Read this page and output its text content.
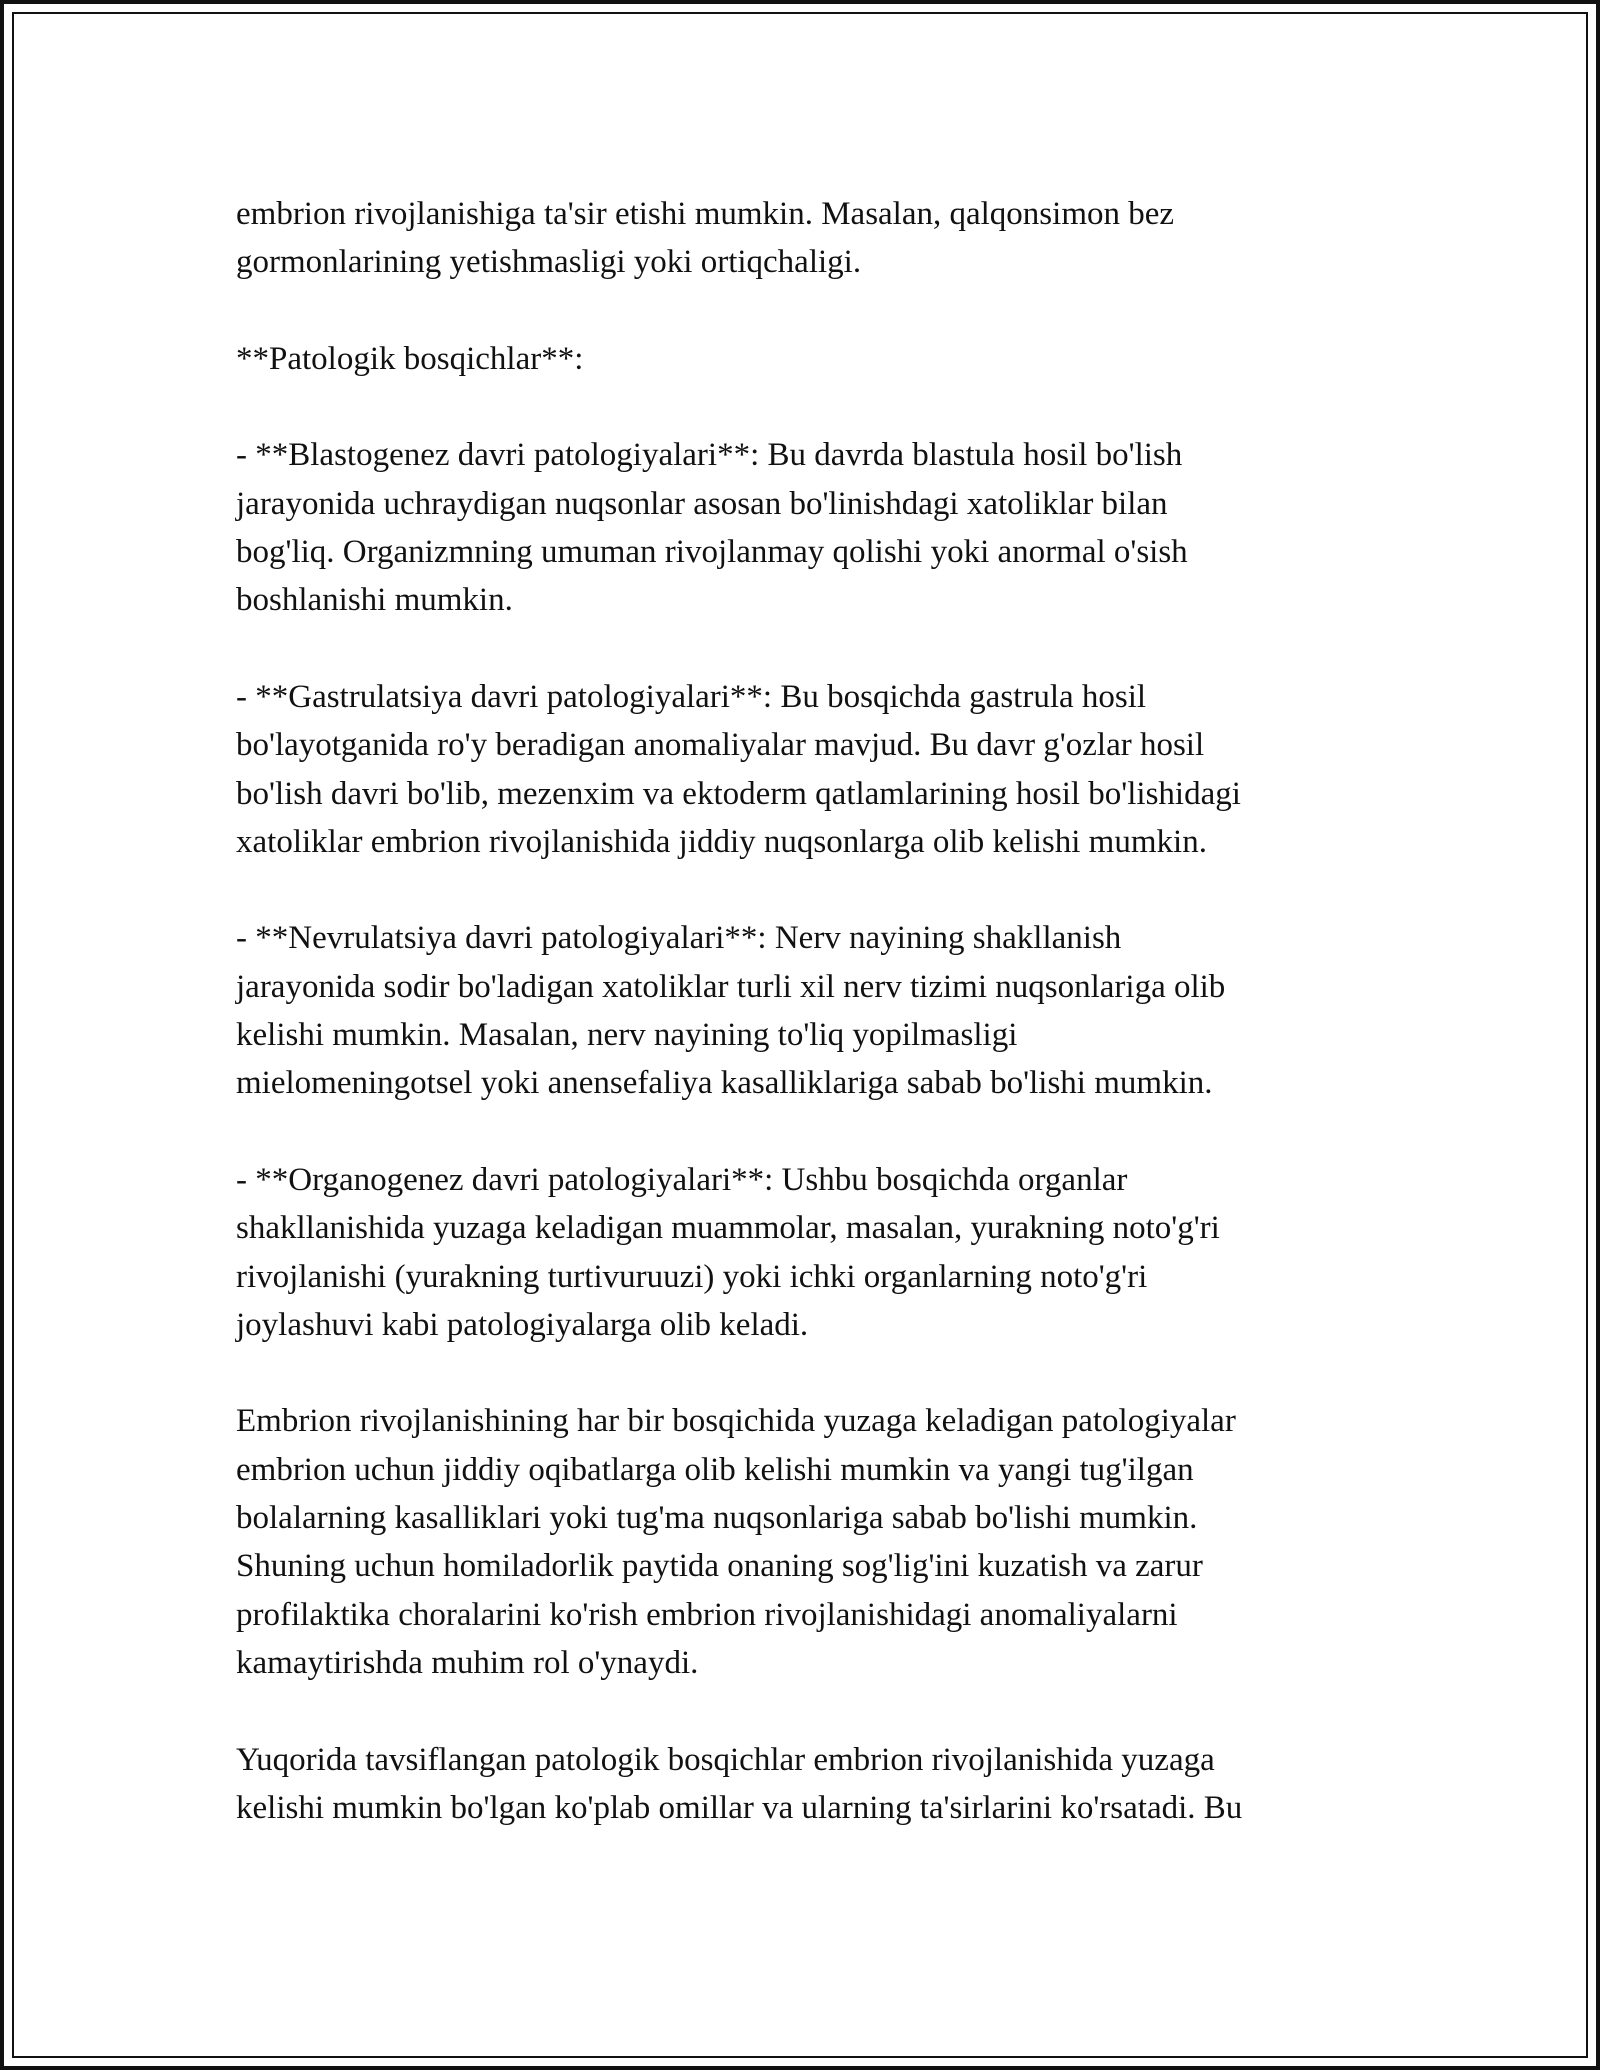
embrion rivojlanishiga ta'sir etishi mumkin. Masalan, qalqonsimon bez

gormonlarining yetishmasligi yoki ortiqchaligi.

**Patologik bosqichlar**:

- **Blastogenez davri patologiyalari**: Bu davrda blastula hosil bo'lish

jarayonida uchraydigan nuqsonlar asosan bo'linishdagi xatoliklar bilan

bog'liq. Organizmning umuman rivojlanmay qolishi yoki anormal o'sish

boshlanishi mumkin.

- **Gastrulatsiya davri patologiyalari**: Bu bosqichda gastrula hosil

bo'layotganida ro'y beradigan anomaliyalar mavjud. Bu davr g'ozlar hosil

bo'lish davri bo'lib, mezenxim va ektoderm qatlamlarining hosil bo'lishidagi

xatoliklar embrion rivojlanishida jiddiy nuqsonlarga olib kelishi mumkin.

- **Nevrulatsiya davri patologiyalari**: Nerv nayining shakllanish

jarayonida sodir bo'ladigan xatoliklar turli xil nerv tizimi nuqsonlariga olib

kelishi mumkin. Masalan, nerv nayining to'liq yopilmasligi

mielomeningotsel yoki anensefaliya kasalliklariga sabab bo'lishi mumkin.

- **Organogenez davri patologiyalari**: Ushbu bosqichda organlar

shakllanishida yuzaga keladigan muammolar, masalan, yurakning noto'g'ri

rivojlanishi (yurakning turtivuruuzi) yoki ichki organlarning noto'g'ri

joylashuvi kabi patologiyalarga olib keladi.

Embrion rivojlanishining har bir bosqichida yuzaga keladigan patologiyalar

embrion uchun jiddiy oqibatlarga olib kelishi mumkin va yangi tug'ilgan

bolalarning kasalliklari yoki tug'ma nuqsonlariga sabab bo'lishi mumkin.

Shuning uchun homiladorlik paytida onaning sog'lig'ini kuzatish va zarur

profilaktika choralarini ko'rish embrion rivojlanishidagi anomaliyalarni

kamaytirishda muhim rol o'ynaydi.

Yuqorida tavsiflangan patologik bosqichlar embrion rivojlanishida yuzaga

kelishi mumkin bo'lgan ko'plab omillar va ularning ta'sirlarini ko'rsatadi. Bu
